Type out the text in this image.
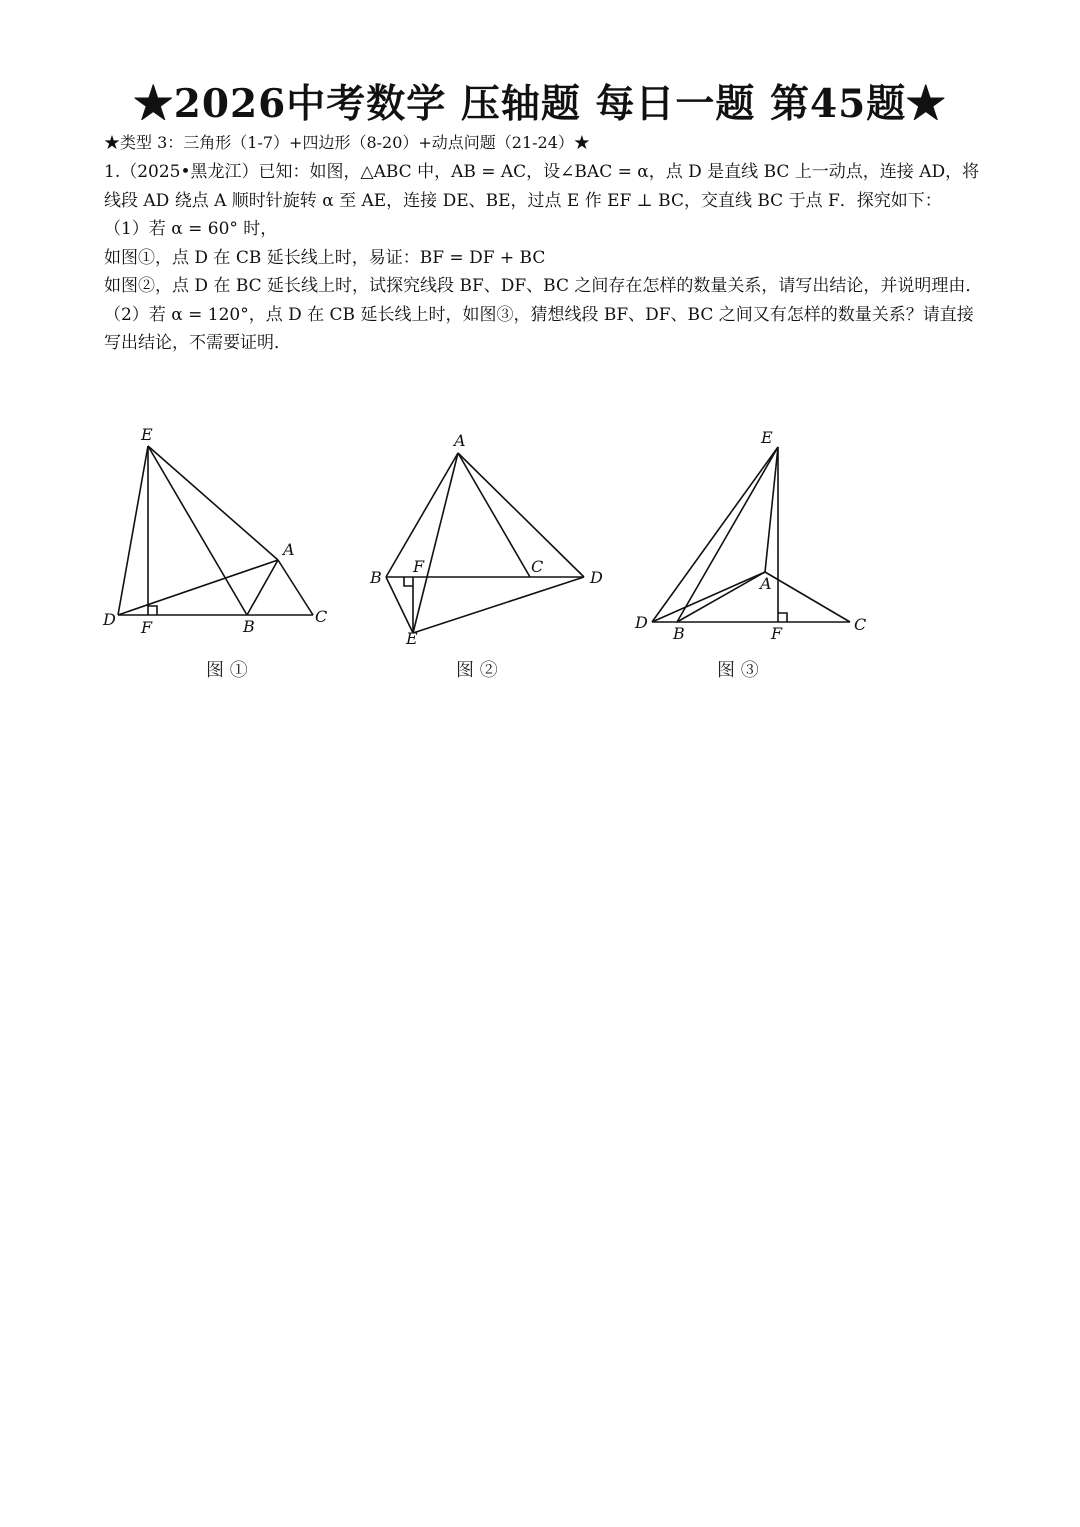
★2026中考数学 压轴题 每日一题 第45题★
★类型 3：三角形（1-7）+四边形（8-20）+动点问题（21-24）★

1.（2025•黑龙江）已知：如图，△ABC 中，AB = AC，设∠BAC = α，点 D 是直线 BC 上一动点，连接 AD，将线段 AD 绕点 A 顺时针旋转 α 至 AE，连接 DE、BE，过点 E 作 EF ⊥ BC，交直线 BC 于点 F．探究如下：

（1）若 α = 60° 时，

如图①，点 D 在 CB 延长线上时，易证：BF = DF + BC

如图②，点 D 在 BC 延长线上时，试探究线段 BF、DF、BC 之间存在怎样的数量关系，请写出结论，并说明理由．

（2）若 α = 120°，点 D 在 CB 延长线上时，如图③，猜想线段 BF、DF、BC 之间又有怎样的数量关系？请直接写出结论，不需要证明．

E
A
D F	B
C
图 ①
A
B
F	C
D
E
图 ②
E
A
D
B	F	C
图 ③
